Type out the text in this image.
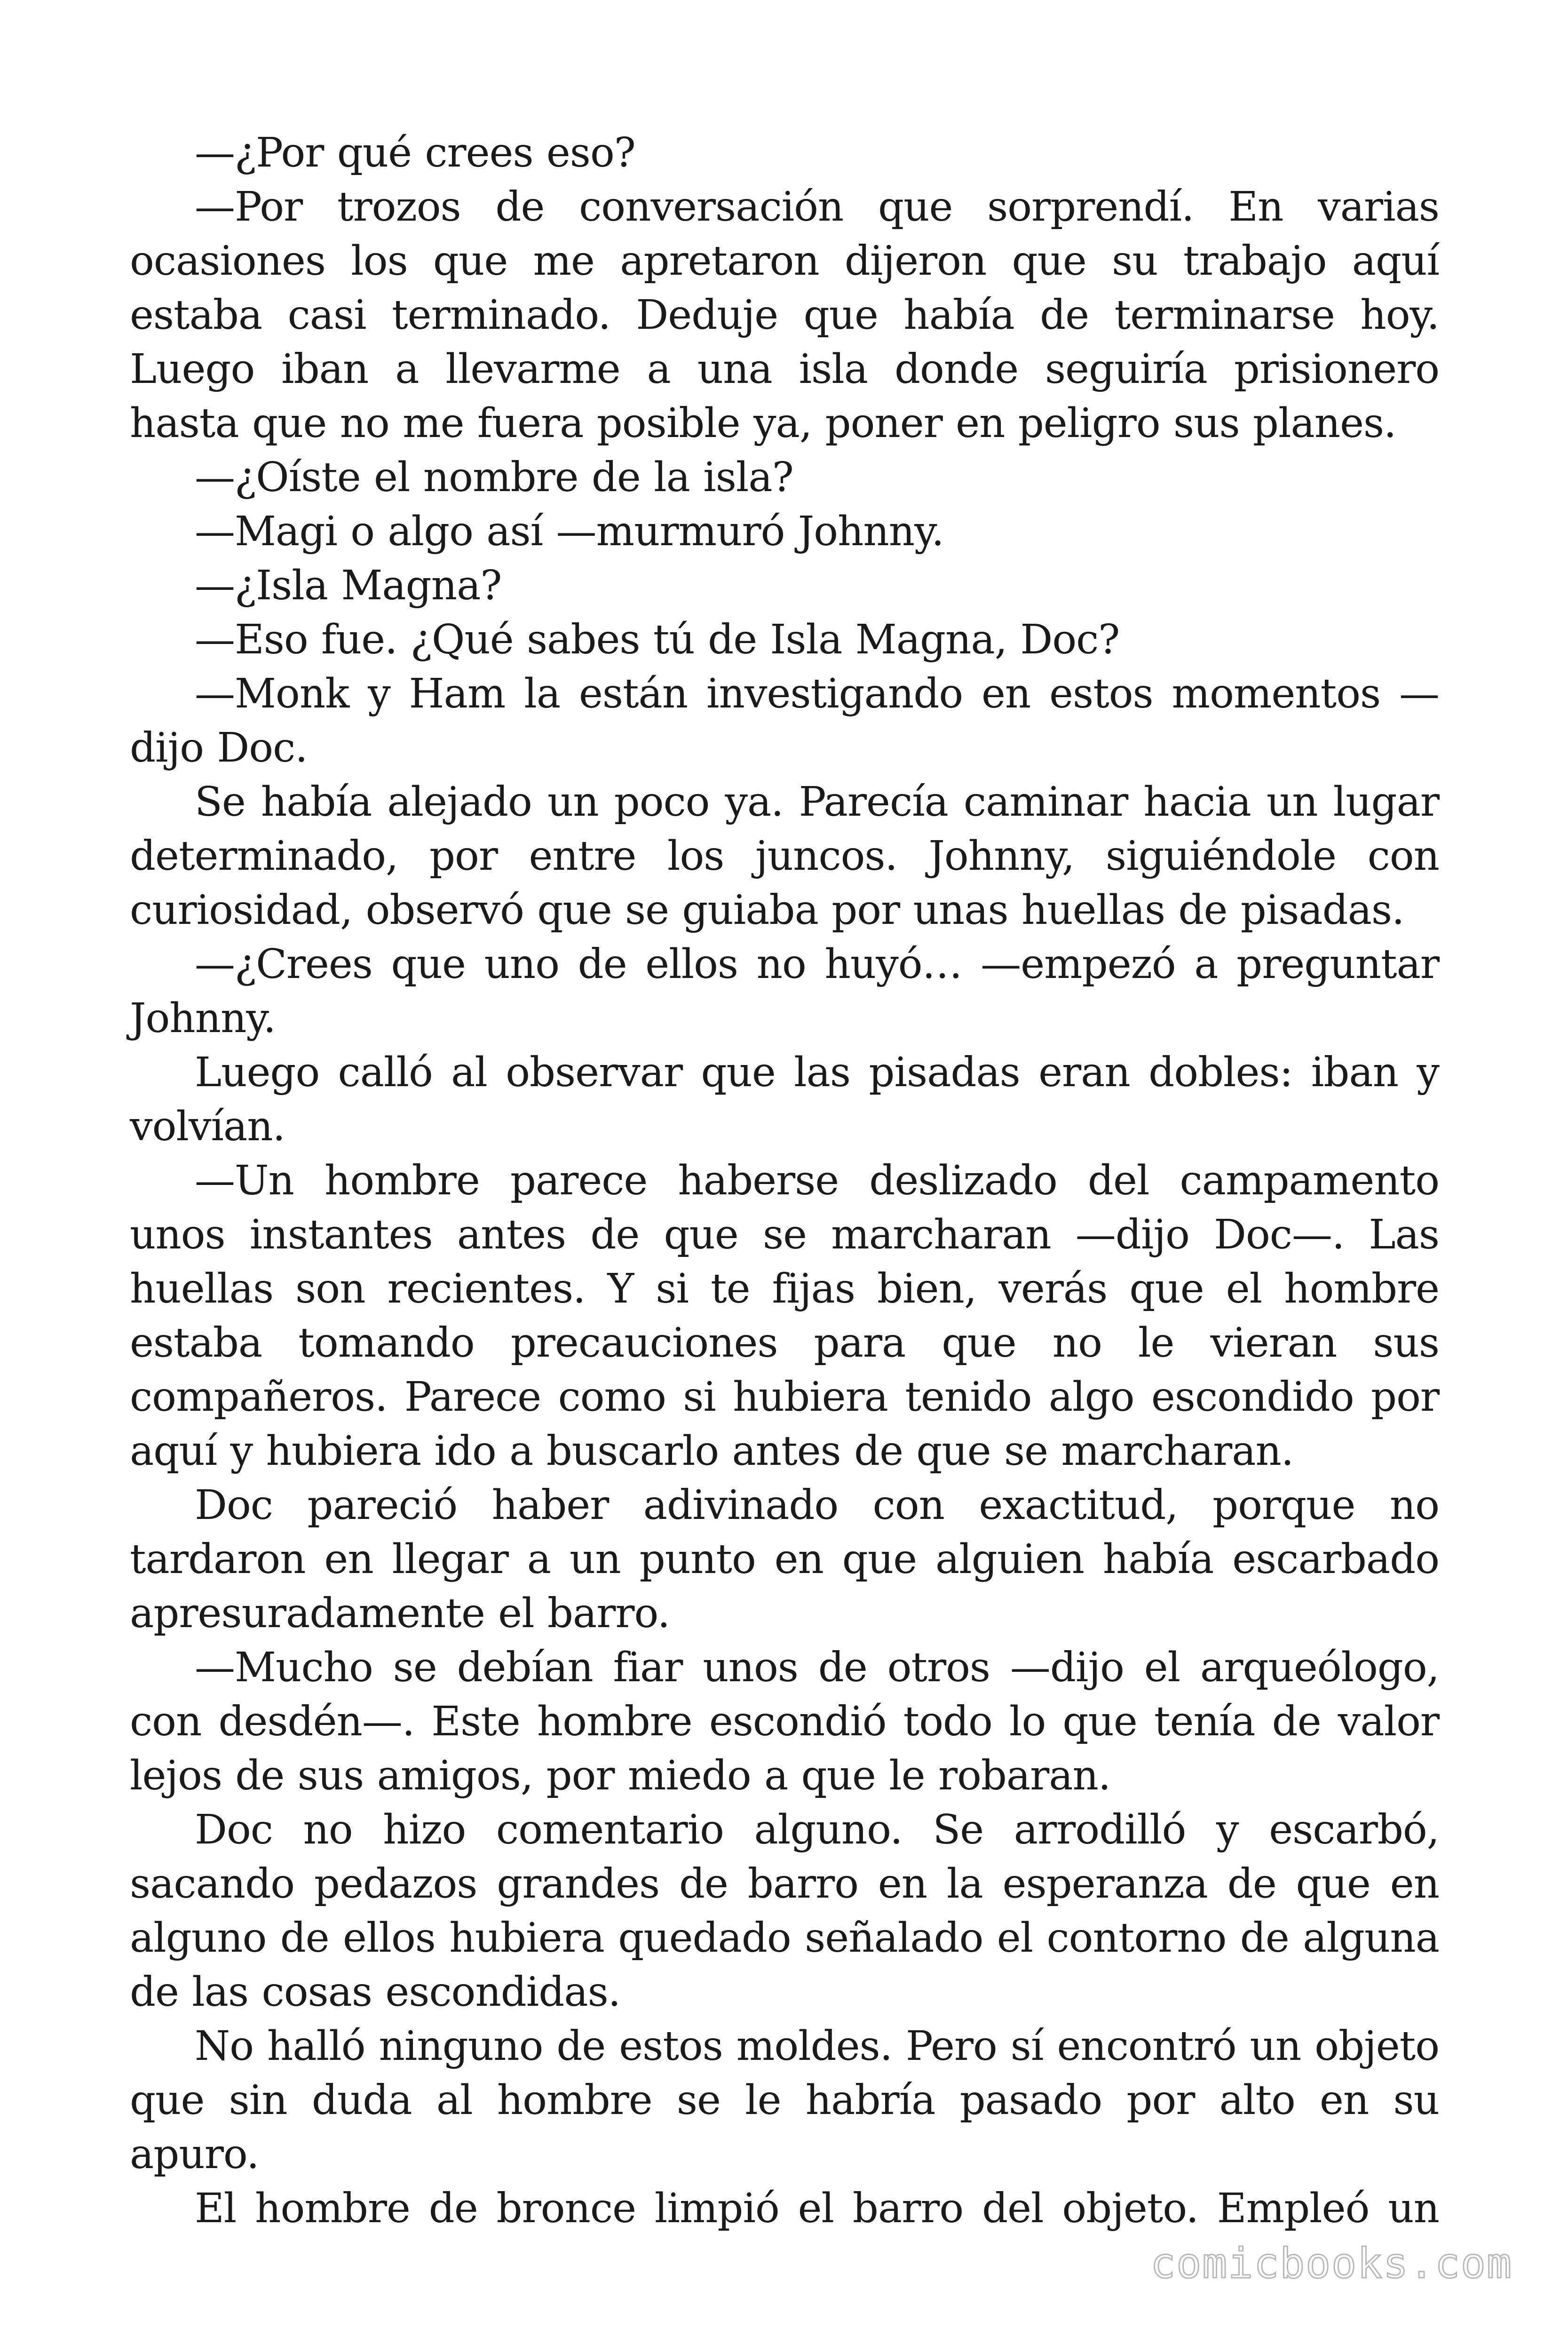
—¿Por qué crees eso?

—Por trozos de conversación que sorprendí. En varias ocasiones los que me apretaron dijeron que su trabajo aquí estaba casi terminado. Deduje que había de terminarse hoy. Luego iban a llevarme a una isla donde seguiría prisionero hasta que no me fuera posible ya, poner en peligro sus planes.

—¿Oíste el nombre de la isla?

—Magi o algo así —murmuró Johnny.

—¿Isla Magna?

—Eso fue. ¿Qué sabes tú de Isla Magna, Doc?

—Monk y Ham la están investigando en estos momentos —dijo Doc.

Se había alejado un poco ya. Parecía caminar hacia un lugar determinado, por entre los juncos. Johnny, siguiéndole con curiosidad, observó que se guiaba por unas huellas de pisadas.

—¿Crees que uno de ellos no huyó… —empezó a preguntar Johnny.

Luego calló al observar que las pisadas eran dobles: iban y volvían.

—Un hombre parece haberse deslizado del campamento unos instantes antes de que se marcharan —dijo Doc—. Las huellas son recientes. Y si te fijas bien, verás que el hombre estaba tomando precauciones para que no le vieran sus compañeros. Parece como si hubiera tenido algo escondido por aquí y hubiera ido a buscarlo antes de que se marcharan.

Doc pareció haber adivinado con exactitud, porque no tardaron en llegar a un punto en que alguien había escarbado apresuradamente el barro.

—Mucho se debían fiar unos de otros —dijo el arqueólogo, con desdén—. Este hombre escondió todo lo que tenía de valor lejos de sus amigos, por miedo a que le robaran.

Doc no hizo comentario alguno. Se arrodilló y escarbó, sacando pedazos grandes de barro en la esperanza de que en alguno de ellos hubiera quedado señalado el contorno de alguna de las cosas escondidas.

No halló ninguno de estos moldes. Pero sí encontró un objeto que sin duda al hombre se le habría pasado por alto en su apuro.

El hombre de bronce limpió el barro del objeto. Empleó un

comicbooks.com
